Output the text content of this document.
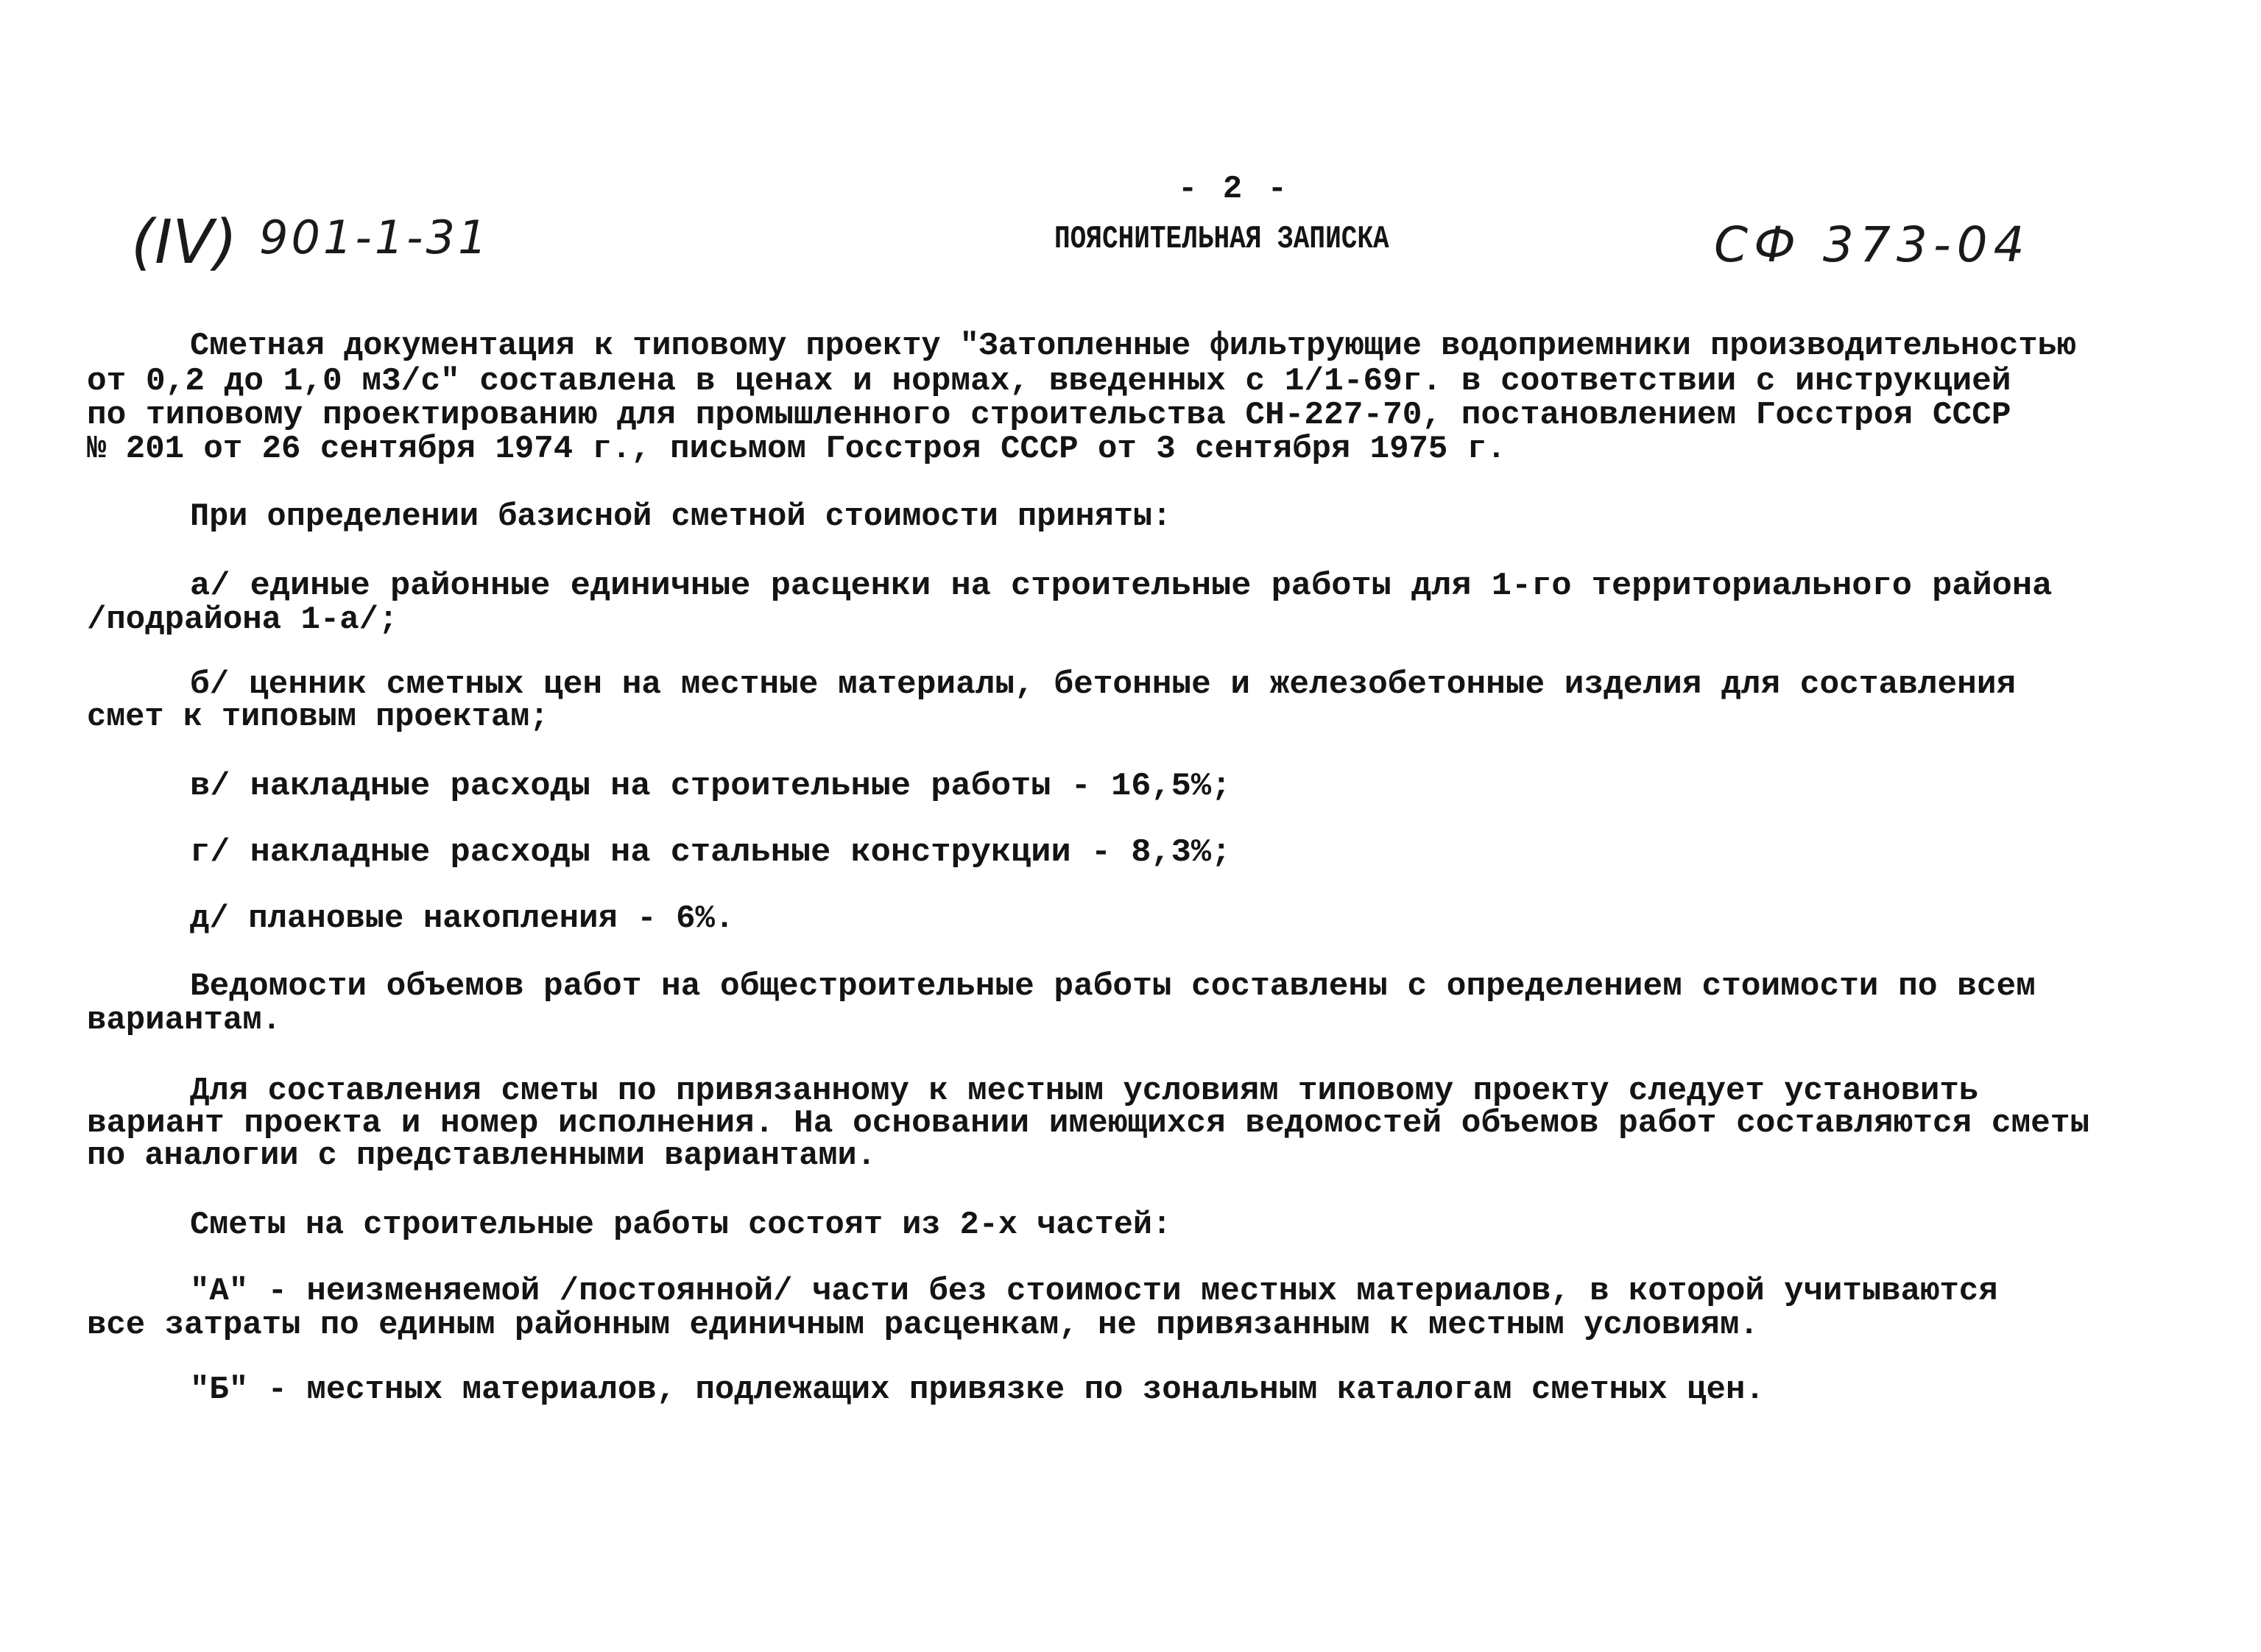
(IV) 901-1-31
- 2 -
ПОЯСНИТЕЛЬНАЯ ЗАПИСКА	СФ 373-04
Сметная документация к типовому проекту "Затопленные фильтрующие водоприемники производительностью
от 0,2 до 1,0 м3/с" составлена в ценах и нормах, введенных с 1/1-69г. в соответствии с инструкцией
по типовому проектированию для промышленного строительства СН-227-70, постановлением Госстроя СССР
№ 201 от 26 сентября 1974 г., письмом Госстроя СССР от 3 сентября 1975 г.
При определении базисной сметной стоимости приняты:
а/ единые районные единичные расценки на строительные работы для 1-го территориального района
/подрайона 1-а/;
б/ ценник сметных цен на местные материалы, бетонные и железобетонные изделия для составления
смет к типовым проектам;
в/ накладные расходы на строительные работы - 16,5%;
г/ накладные расходы на стальные конструкции - 8,3%;
д/ плановые накопления - 6%.
Ведомости объемов работ на общестроительные работы составлены с определением стоимости по всем
вариантам.
Для составления сметы по привязанному к местным условиям типовому проекту следует установить
вариант проекта и номер исполнения. На основании имеющихся ведомостей объемов работ составляются сметы
по аналогии с представленными вариантами.
Сметы на строительные работы состоят из 2-х частей:
"А" - неизменяемой /постоянной/ части без стоимости местных материалов, в которой учитываются
все затраты по единым районным единичным расценкам, не привязанным к местным условиям.
"Б" - местных материалов, подлежащих привязке по зональным каталогам сметных цен.
